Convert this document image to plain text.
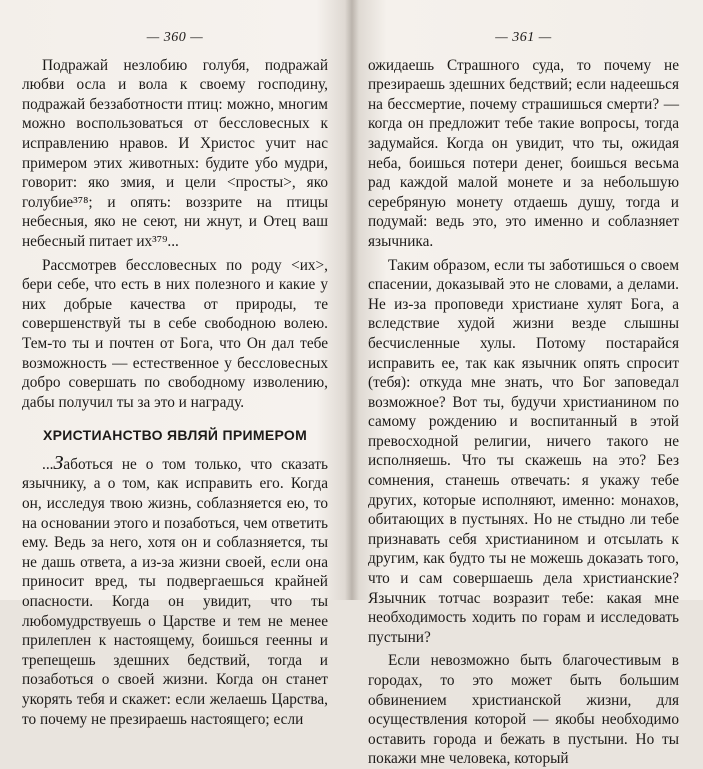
— 360 —

Подражай незлобию голубя, подражай любви осла и вола к своему господину, подражай беззаботности птиц: можно, многим можно воспользоваться от бессловесных к исправлению нравов. И Христос учит нас примером этих животных: будите убо мудри, говорит: яко змия, и цели <просты>, яко голубие³⁷⁸; и опять: воззрите на птицы небесныя, яко не сеют, ни жнут, и Отец ваш небесный питает их³⁷⁹...

Рассмотрев бессловесных по роду <их>, бери себе, что есть в них полезного и какие у них добрые качества от природы, те совершенствуй ты в себе свободною волею. Тем-то ты и почтен от Бога, что Он дал тебе возможность — естественное у бессловесных добро совершать по свободному изволению, дабы получил ты за это и награду.

ХРИСТИАНСТВО ЯВЛЯЙ ПРИМЕРОМ

...Заботься не о том только, что сказать язычнику, а о том, как исправить его. Когда он, исследуя твою жизнь, соблазняется ею, то на основании этого и позаботься, чем ответить ему. Ведь за него, хотя он и соблазняется, ты не дашь ответа, а из-за жизни своей, если она приносит вред, ты подвергаешься крайней опасности. Когда он увидит, что ты любомудрствуешь о Царстве и тем не менее прилеплен к настоящему, боишься геенны и трепещешь здешних бедствий, тогда и позаботься о своей жизни. Когда он станет укорять тебя и скажет: если желаешь Царства, то почему не презираешь настоящего; если

— 361 —

ожидаешь Страшного суда, то почему не презираешь здешних бедствий; если надеешься на бессмертие, почему страшишься смерти? — когда он предложит тебе такие вопросы, тогда задумайся. Когда он увидит, что ты, ожидая неба, боишься потери денег, боишься весьма рад каждой малой монете и за небольшую серебряную монету отдаешь душу, тогда и подумай: ведь это, это именно и соблазняет язычника.

Таким образом, если ты заботишься о своем спасении, доказывай это не словами, а делами. Не из-за проповеди христиане хулят Бога, а вследствие худой жизни везде слышны бесчисленные хулы. Потому постарайся исправить ее, так как язычник опять спросит (тебя): откуда мне знать, что Бог заповедал возможное? Вот ты, будучи христианином по самому рождению и воспитанный в этой превосходной религии, ничего такого не исполняешь. Что ты скажешь на это? Без сомнения, станешь отвечать: я укажу тебе других, которые исполняют, именно: монахов, обитающих в пустынях. Но не стыдно ли тебе признавать себя христианином и отсылать к другим, как будто ты не можешь доказать того, что и сам совершаешь дела христианские? Язычник тотчас возразит тебе: какая мне необходимость ходить по горам и исследовать пустыни?

Если невозможно быть благочестивым в городах, то это может быть большим обвинением христианской жизни, для осуществления которой — якобы необходимо оставить города и бежать в пустыни. Но ты покажи мне человека, который
